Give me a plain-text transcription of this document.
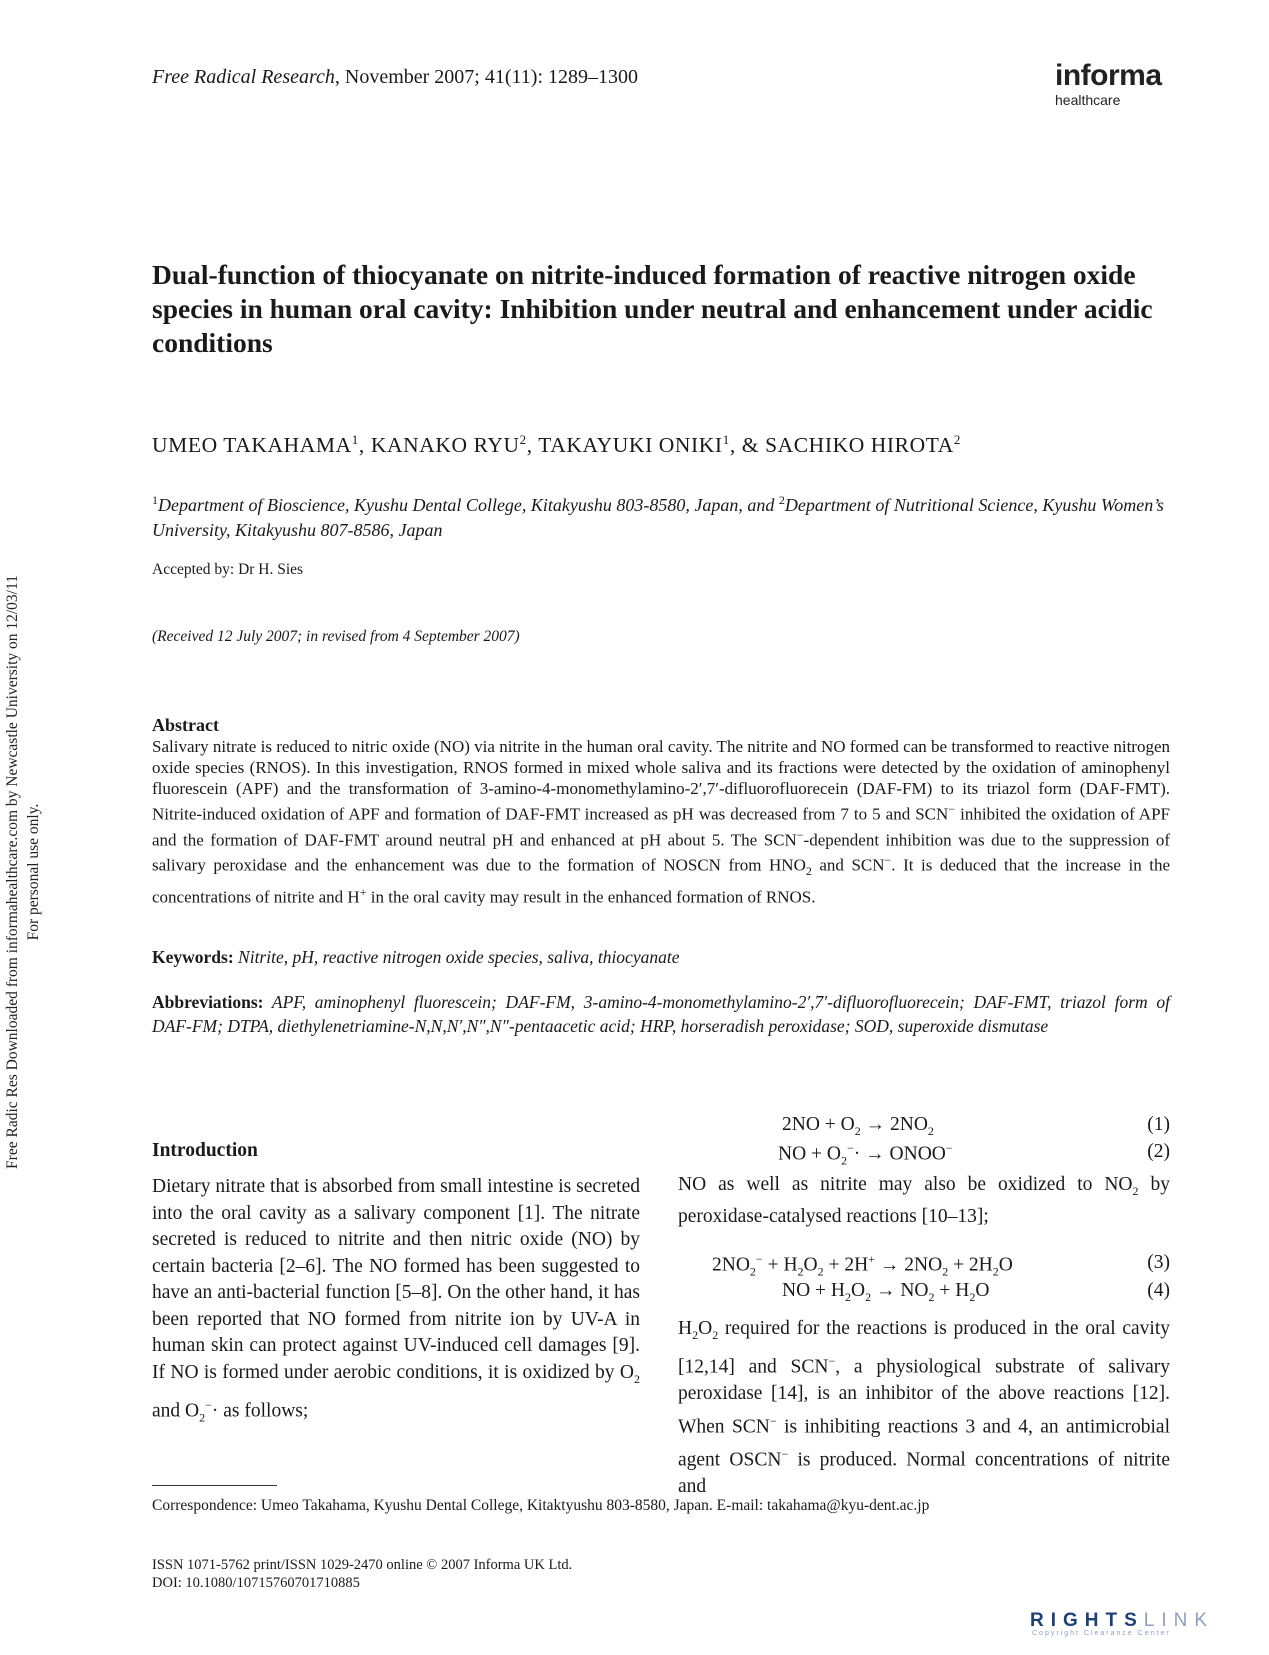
Free Radic Res Downloaded from informahealthcare.com by Newcastle University on 12/03/11 For personal use only.
Free Radical Research, November 2007; 41(11): 1289–1300	informa
healthcare
Dual-function of thiocyanate on nitrite-induced formation of reactive nitrogen oxide species in human oral cavity: Inhibition under neutral and enhancement under acidic conditions
UMEO TAKAHAMA$^1$, KANAKO RYU$^2$, TAKAYUKI ONIKI$^1$, & SACHIKO HIROTA$^2$
$^1$Department of Bioscience, Kyushu Dental College, Kitakyushu 803-8580, Japan, and $^2$Department of Nutritional Science, Kyushu Women’s University, Kitakyushu 807-8586, Japan
Accepted by: Dr H. Sies
(Received 12 July 2007; in revised from 4 September 2007)
Abstract
Salivary nitrate is reduced to nitric oxide (NO) via nitrite in the human oral cavity. The nitrite and NO formed can be transformed to reactive nitrogen oxide species (RNOS). In this investigation, RNOS formed in mixed whole saliva and its fractions were detected by the oxidation of aminophenyl fluorescein (APF) and the transformation of 3-amino-4-monomethylamino-2′,7′-difluorofluorecein (DAF-FM) to its triazol form (DAF-FMT). Nitrite-induced oxidation of APF and formation of DAF-FMT increased as pH was decreased from 7 to 5 and SCN− inhibited the oxidation of APF and the formation of DAF-FMT around neutral pH and enhanced at pH about 5. The SCN−-dependent inhibition was due to the suppression of salivary peroxidase and the enhancement was due to the formation of NOSCN from $HNO_2$ and SCN−. It is deduced that the increase in the concentrations of nitrite and H+ in the oral cavity may result in the enhanced formation of RNOS.
Keywords: Nitrite, pH, reactive nitrogen oxide species, saliva, thiocyanate
Abbreviations: APF, aminophenyl fluorescein; DAF-FM, 3-amino-4-monomethylamino-2′,7′-difluorofluorecein; DAF-FMT, triazol form of DAF-FM; DTPA, diethylenetriamine-N,N,N′,N″,N″-pentaacetic acid; HRP, horseradish peroxidase; SOD, superoxide dismutase
Introduction
Dietary nitrate that is absorbed from small intestine is secreted into the oral cavity as a salivary component [1]. The nitrate secreted is reduced to nitrite and then nitric oxide (NO) by certain bacteria [2–6]. The NO formed has been suggested to have an anti-bacterial function [5–8]. On the other hand, it has been reported that NO formed from nitrite ion by UV-A in human skin can protect against UV-induced cell damages [9]. If NO is formed under aerobic conditions, it is oxidized by $O_2$ and $O_2^-\cdot$ as follows;
$2NO + O_2 \to 2NO_2$	(1)
NO + $O_2^-\cdot$ → ONOO−	(2)
NO as well as nitrite may also be oxidized to $NO_2$ by peroxidase-catalysed reactions [10–13];
$2NO_2^- + H_2O_2 + 2H^+ \to 2NO_2 + 2H_2O$	(3)
NO + $H_2O_2 \to NO_2 + H_2O$	(4)
$H_2O_2$ required for the reactions is produced in the oral cavity [12,14] and SCN−, a physiological substrate of salivary peroxidase [14], is an inhibitor of the above reactions [12]. When SCN− is inhibiting reactions 3 and 4, an antimicrobial agent OSCN− is produced. Normal concentrations of nitrite and
Correspondence: Umeo Takahama, Kyushu Dental College, Kitaktyushu 803-8580, Japan. E-mail: takahama@kyu-dent.ac.jp
ISSN 1071-5762 print/ISSN 1029-2470 online © 2007 Informa UK Ltd.
DOI: 10.1080/10715760701710885
RIGHTSLINK
Copyright Clearance Center
